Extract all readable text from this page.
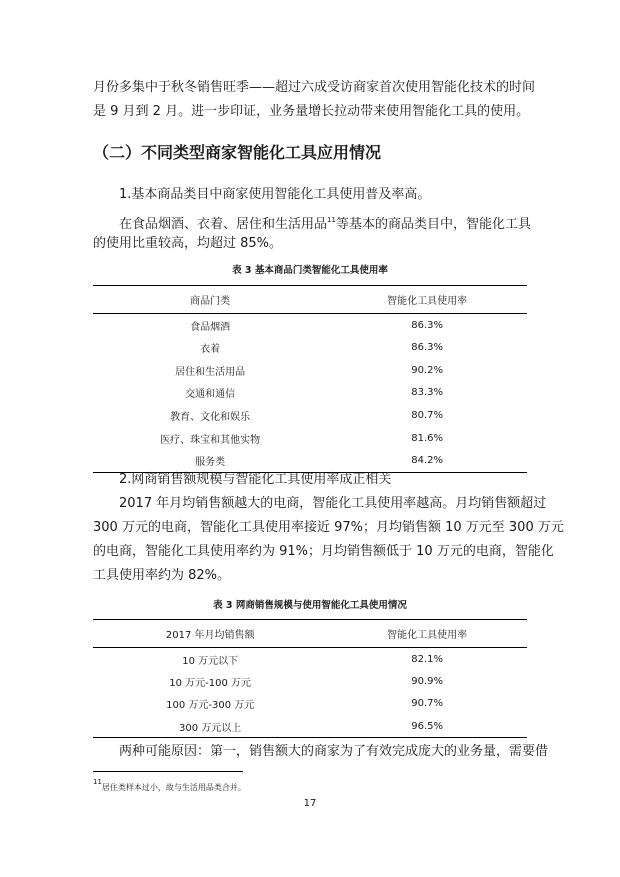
月份多集中于秋冬销售旺季——超过六成受访商家首次使用智能化技术的时间
是 9 月到 2 月。进一步印证，业务量增长拉动带来使用智能化工具的使用。
（二）不同类型商家智能化工具应用情况
1.基本商品类目中商家使用智能化工具使用普及率高。
在食品烟酒、衣着、居住和生活用品$^{11}$等基本的商品类目中，智能化工具
的使用比重较高，均超过 85%。
表 3 基本商品门类智能化工具使用率
商品门类	智能化工具使用率
食品烟酒	86.3%
衣着	86.3%
居住和生活用品	90.2%
交通和通信	83.3%
教育、文化和娱乐	80.7%
医疗、珠宝和其他实物	81.6%
服务类	84.2%
2.网商销售额规模与智能化工具使用率成正相关
2017 年月均销售额越大的电商，智能化工具使用率越高。月均销售额超过
300 万元的电商，智能化工具使用率接近 97%；月均销售额 10 万元至 300 万元
的电商，智能化工具使用率约为 91%；月均销售额低于 10 万元的电商，智能化
工具使用率约为 82%。
表 3 网商销售规模与使用智能化工具使用情况
2017 年月均销售额	智能化工具使用率
10 万元以下	82.1%
10 万元-100 万元	90.9%
100 万元-300 万元	90.7%
300 万元以上	96.5%
两种可能原因：第一，销售额大的商家为了有效完成庞大的业务量，需要借
$^{11}$居住类样本过小，故与生活用品类合并。
17
